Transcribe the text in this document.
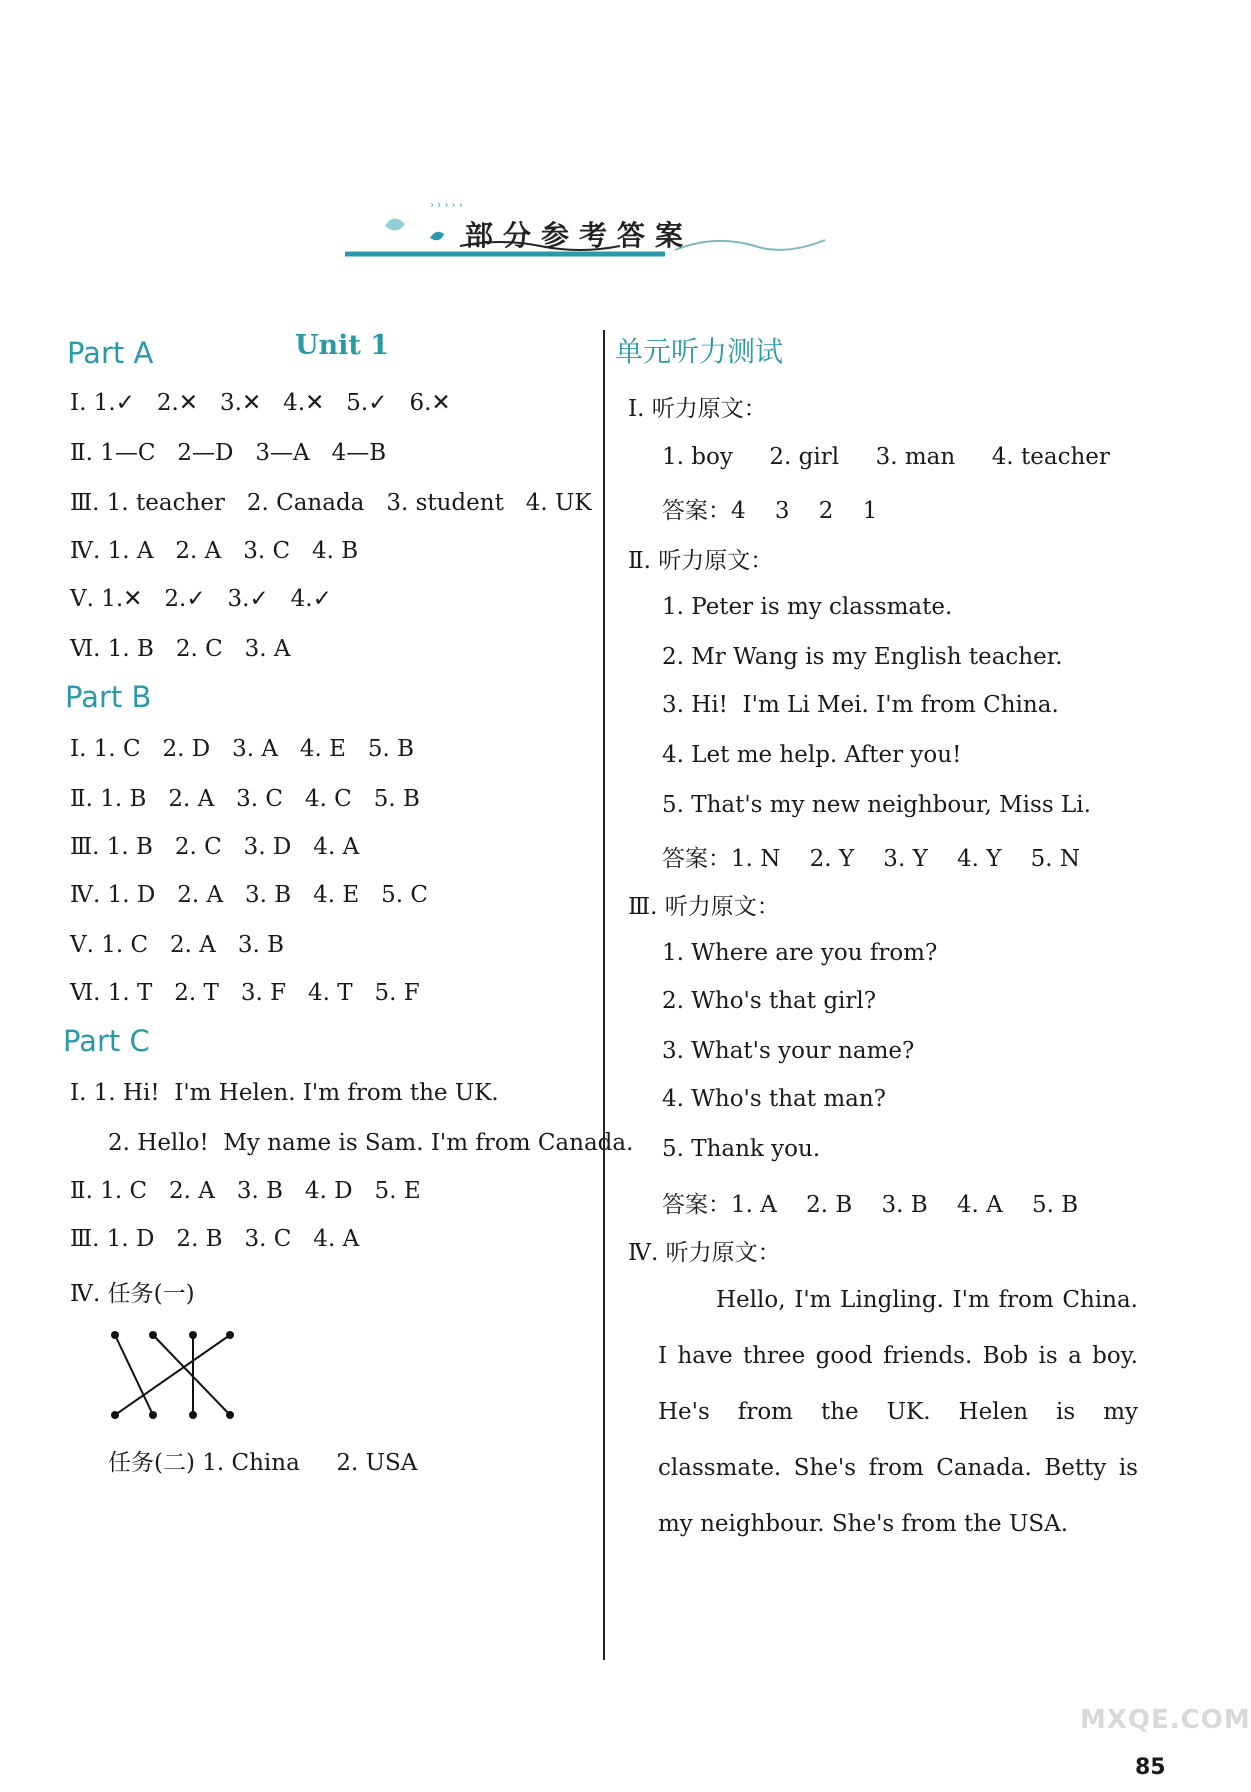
› › › › ›
部分参考答案
Unit 1
Part A
Ⅰ. 1.✓   2.✕   3.✕   4.✕   5.✓   6.✕
Ⅱ. 1—C   2—D   3—A   4—B
Ⅲ. 1. teacher   2. Canada   3. student   4. UK
Ⅳ. 1. A   2. A   3. C   4. B
Ⅴ. 1.✕   2.✓   3.✓   4.✓
Ⅵ. 1. B   2. C   3. A
Part B
Ⅰ. 1. C   2. D   3. A   4. E   5. B
Ⅱ. 1. B   2. A   3. C   4. C   5. B
Ⅲ. 1. B   2. C   3. D   4. A
Ⅳ. 1. D   2. A   3. B   4. E   5. C
Ⅴ. 1. C   2. A   3. B
Ⅵ. 1. T   2. T   3. F   4. T   5. F
Part C
Ⅰ. 1. Hi!  I'm Helen. I'm from the UK.
2. Hello!  My name is Sam. I'm from Canada.
Ⅱ. 1. C   2. A   3. B   4. D   5. E
Ⅲ. 1. D   2. B   3. C   4. A
Ⅳ. 任务(一)
任务(二) 1. China     2. USA
单元听力测试
Ⅰ. 听力原文：
1. boy     2. girl     3. man     4. teacher
答案：4    3    2    1
Ⅱ. 听力原文：
1. Peter is my classmate.
2. Mr Wang is my English teacher.
3. Hi!  I'm Li Mei. I'm from China.
4. Let me help. After you!
5. That's my new neighbour, Miss Li.
答案：1. N    2. Y    3. Y    4. Y    5. N
Ⅲ. 听力原文：
1. Where are you from?
2. Who's that girl?
3. What's your name?
4. Who's that man?
5. Thank you.
答案：1. A    2. B    3. B    4. A    5. B
Ⅳ. 听力原文：
Hello, I'm Lingling. I'm from China. I have three good friends. Bob is a boy. He's from the UK. Helen is my classmate. She's from Canada. Betty is my neighbour. She's from the USA.
MXQE.COM
85
